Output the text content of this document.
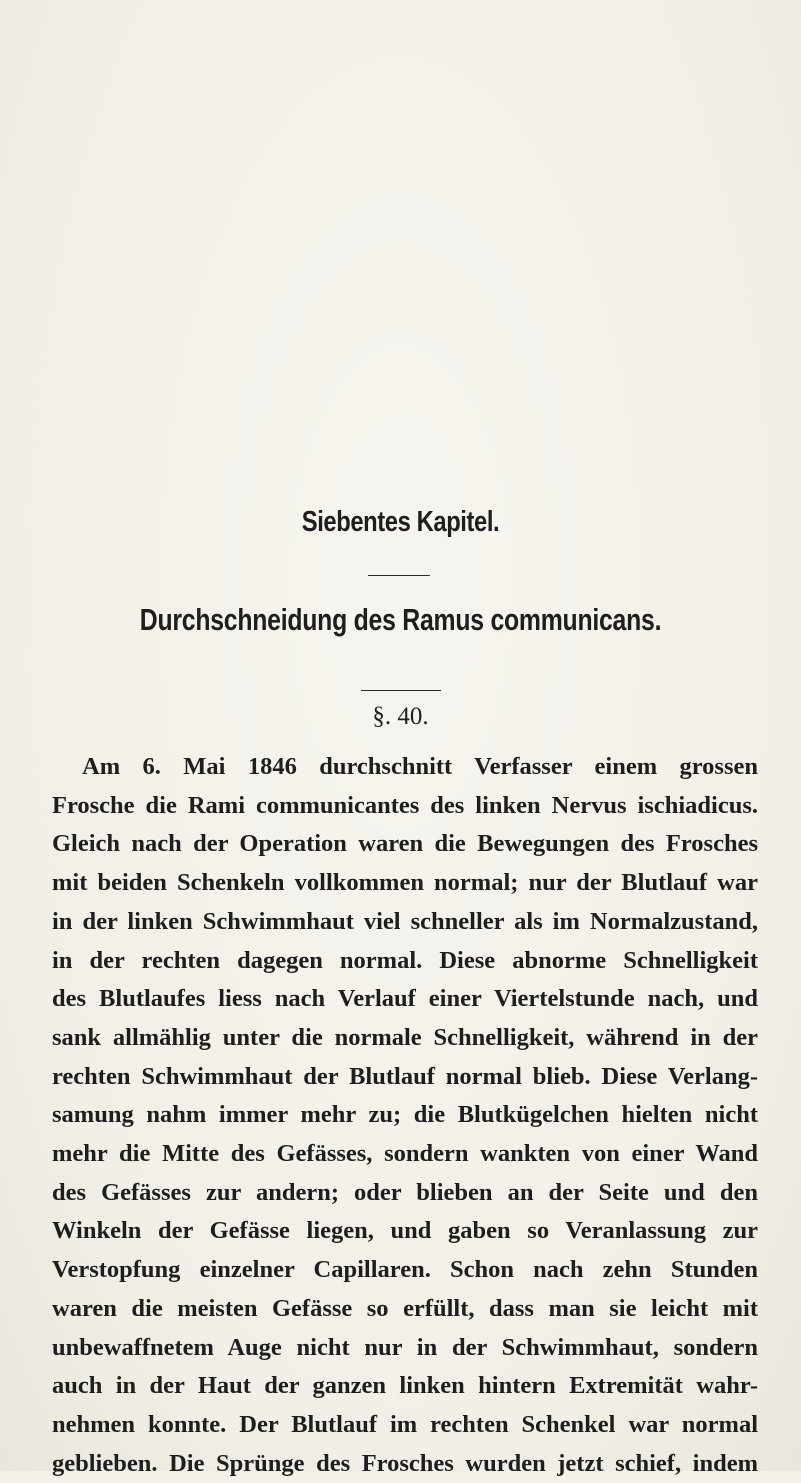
Siebentes Kapitel.
Durchschneidung des Ramus communicans.
§. 40.
Am 6. Mai 1846 durchschnitt Verfasser einem grossen
Frosche die Rami communicantes des linken Nervus ischiadicus.
Gleich nach der Operation waren die Bewegungen des Frosches
mit beiden Schenkeln vollkommen normal; nur der Blutlauf war
in der linken Schwimmhaut viel schneller als im Normalzustand,
in der rechten dagegen normal. Diese abnorme Schnelligkeit
des Blutlaufes liess nach Verlauf einer Viertelstunde nach, und
sank allmählig unter die normale Schnelligkeit, während in der
rechten Schwimmhaut der Blutlauf normal blieb. Diese Verlang-
samung nahm immer mehr zu; die Blutkügelchen hielten nicht
mehr die Mitte des Gefässes, sondern wankten von einer Wand
des Gefässes zur andern; oder blieben an der Seite und den
Winkeln der Gefässe liegen, und gaben so Veranlassung zur
Verstopfung einzelner Capillaren. Schon nach zehn Stunden
waren die meisten Gefässe so erfüllt, dass man sie leicht mit
unbewaffnetem Auge nicht nur in der Schwimmhaut, sondern
auch in der Haut der ganzen linken hintern Extremität wahr-
nehmen konnte. Der Blutlauf im rechten Schenkel war normal
geblieben. Die Sprünge des Frosches wurden jetzt schief, indem
